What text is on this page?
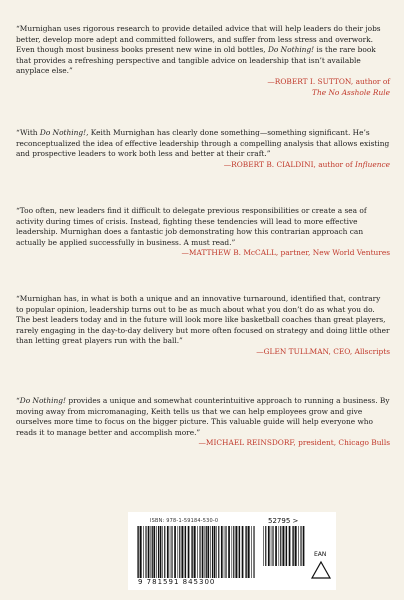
“Murnighan uses rigorous research to provide detailed advice that will help leaders do their jobs better, develop more adept and committed followers, and suffer from less stress and overwork. Even though most business books present new wine in old bottles, Do Nothing! is the rare book that provides a refreshing perspective and tangible advice on leadership that isn’t available anyplace else.”
—ROBERT I. SUTTON, author of
The No Asshole Rule
“With Do Nothing!, Keith Murnighan has clearly done something—something significant. He’s reconceptualized the idea of effective leadership through a compelling analysis that allows existing and prospective leaders to work both less and better at their craft.”
—ROBERT B. CIALDINI, author of Influence
“Too often, new leaders find it difficult to delegate previous responsibilities or create a sea of activity during times of crisis. Instead, fighting these tendencies will lead to more effective leadership. Murnighan does a fantastic job demonstrating how this contrarian approach can actually be applied successfully in business. A must read.”
—MATTHEW B. McCALL, partner, New World Ventures
“Murnighan has, in what is both a unique and an innovative turnaround, identified that, contrary to popular opinion, leadership turns out to be as much about what you don’t do as what you do. The best leaders today and in the future will look more like basketball coaches than great players, rarely engaging in the day-to-day delivery but more often focused on strategy and doing little other than letting great players run with the ball.”
—GLEN TULLMAN, CEO, Allscripts
“Do Nothing! provides a unique and somewhat counterintuitive approach to running a business. By moving away from micromanaging, Keith tells us that we can help employees grow and give ourselves more time to focus on the bigger picture. This valuable guide will help everyone who reads it to manage better and accomplish more.”
—MICHAEL REINSDORF, president, Chicago Bulls
ISBN: 978-1-59184-530-0
9 781591 845300
52795 >
EAN
